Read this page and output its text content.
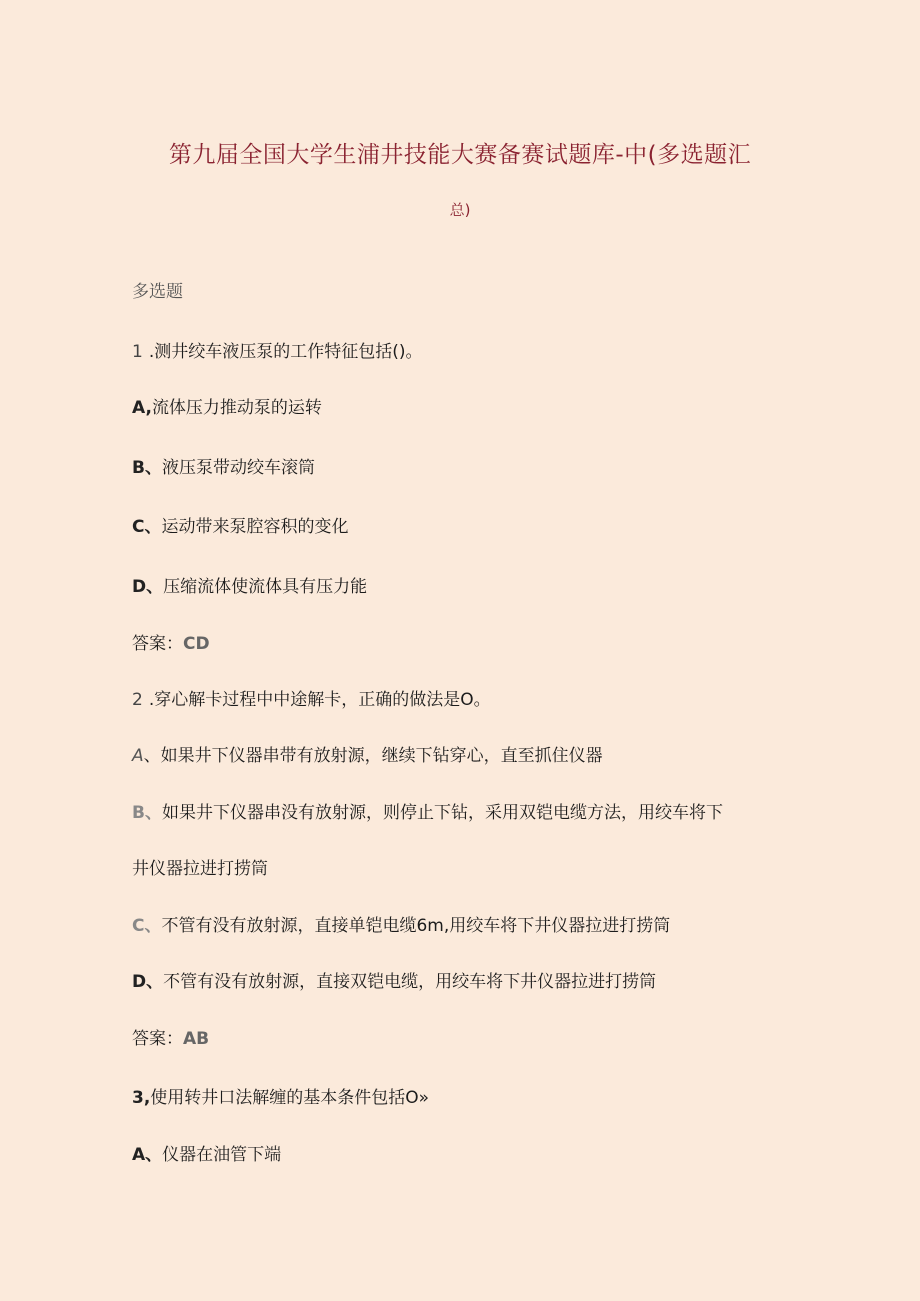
第九届全国大学生浦井技能大赛备赛试题库-中(多选题汇
总)
多选题
1 .测井绞车液压泵的工作特征包括()。
A,流体压力推动泵的运转
B、液压泵带动绞车滚筒
C、运动带来泵腔容积的变化
D、压缩流体使流体具有压力能
答案：CD
2 .穿心解卡过程中中途解卡，正确的做法是O。
A、如果井下仪器串带有放射源，继续下钻穿心，直至抓住仪器
B、如果井下仪器串没有放射源，则停止下钻，采用双铠电缆方法，用绞车将下
井仪器拉进打捞筒
C、不管有没有放射源，直接单铠电缆6m,用绞车将下井仪器拉进打捞筒
D、不管有没有放射源，直接双铠电缆，用绞车将下井仪器拉进打捞筒
答案：AB
3,使用转井口法解缠的基本条件包括O»
A、仪器在油管下端
